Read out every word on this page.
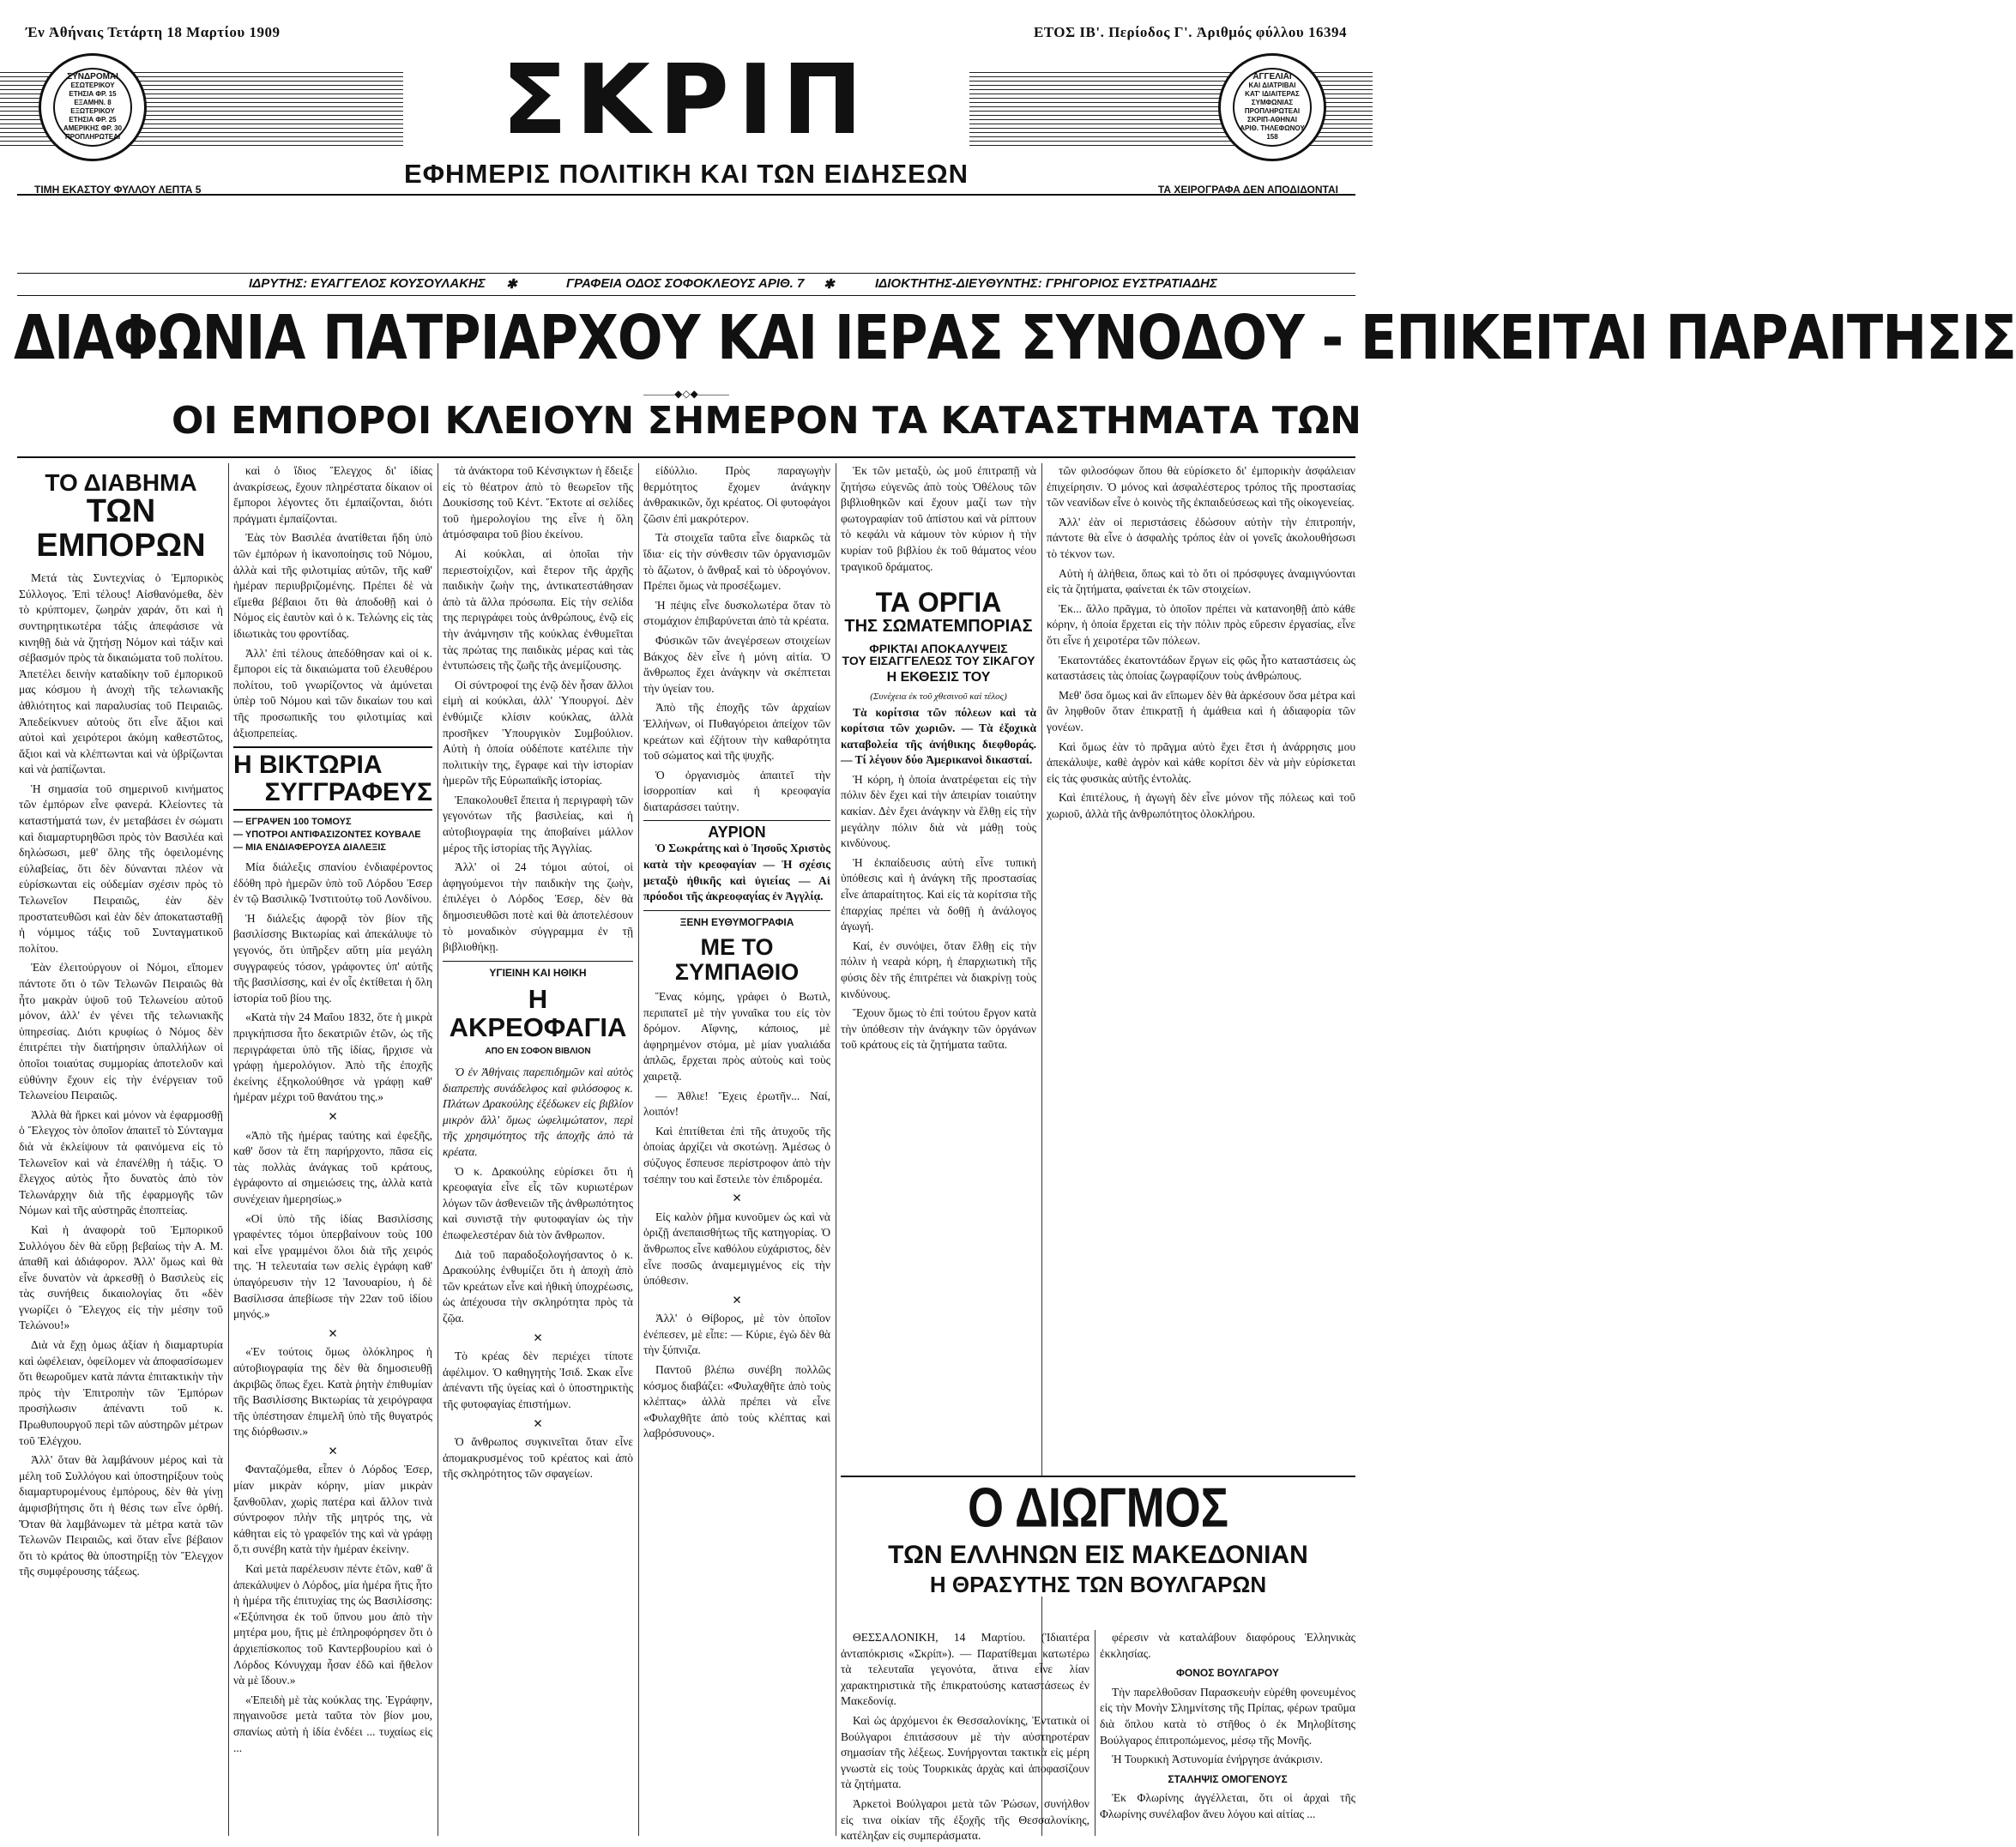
Έν Ἀθήναις Τετάρτη 18 Μαρτίου 1909	ΕΤΟΣ ΙΒ'. Περίοδος Γ'. Ἀριθμός φύλλου 16394
ΣΥΝΔΡΟΜΑΙ
ΕΣΩΤΕΡΙΚΟΥ
ΕΤΗΣΙΑ ΦΡ. 15
ΕΞΑΜΗΝ. 8
ΕΞΩΤΕΡΙΚΟΥ
ΕΤΗΣΙΑ ΦΡ. 25
ΑΜΕΡΙΚΗΣ ΦΡ. 30
ΠΡΟΠΛΗΡΩΤΕΑΙ
ΑΓΓΕΛΙΑΙ
ΚΑΙ ΔΙΑΤΡΙΒΑΙ
ΚΑΤ' ΙΔΙΑΙΤΕΡΑΣ
ΣΥΜΦΩΝΙΑΣ
ΠΡΟΠΛΗΡΩΤΕΑΙ
ΣΚΡΙΠ-ΑΘΗΝΑΙ
ΑΡΙΘ. ΤΗΛΕΦΩΝΟΥ 158
ΣΚΡΙΠ
ΕΦΗΜΕΡΙΣ ΠΟΛΙΤΙΚΗ ΚΑΙ ΤΩΝ ΕΙΔΗΣΕΩΝ
ΤΙΜΗ ΕΚΑΣΤΟΥ ΦΥΛΛΟΥ ΛΕΠΤΑ 5	ΤΑ ΧΕΙΡΟΓΡΑΦΑ ΔΕΝ ΑΠΟΔΙΔΟΝΤΑΙ
ΙΔΡΥΤΗΣ: ΕΥΑΓΓΕΛΟΣ ΚΟΥΣΟΥΛΑΚΗΣ ✱	ΓΡΑΦΕΙΑ ΟΔΟΣ ΣΟΦΟΚΛΕΟΥΣ ΑΡΙΘ. 7 ✱	ΙΔΙΟΚΤΗΤΗΣ-ΔΙΕΥΘΥΝΤΗΣ: ΓΡΗΓΟΡΙΟΣ ΕΥΣΤΡΑΤΙΑΔΗΣ
ΔΙΑΦΩΝΙΑ ΠΑΤΡΙΑΡΧΟΥ ΚΑΙ ΙΕΡΑΣ ΣΥΝΟΔΟΥ - ΕΠΙΚΕΙΤΑΙ ΠΑΡΑΙΤΗΣΙΣ
———◆◇◆———
ΟΙ ΕΜΠΟΡΟΙ ΚΛΕΙΟΥΝ ΣΗΜΕΡΟΝ ΤΑ ΚΑΤΑΣΤΗΜΑΤΑ ΤΩΝ
ΤΟ ΔΙΑΒΗΜΑ
ΤΩΝ ΕΜΠΟΡΩΝ

Μετά τὰς Συντεχνίας ὁ Ἐμπορικὸς Σύλλογος. Ἐπὶ τέλους! Αἰσθανόμεθα, δὲν τὸ κρύπτομεν, ζωηρὰν χαράν, ὅτι καὶ ἡ συντηρητικωτέρα τάξις ἀπεφάσισε νὰ κινηθῇ διὰ νὰ ζητήσῃ Νόμον καὶ τάξιν καὶ σέβασμόν πρὸς τὰ δικαιώματα τοῦ πολίτου. Ἀπετέλει δεινὴν καταδίκην τοῦ ἐμπορικοῦ μας κόσμου ἡ ἀνοχὴ τῆς τελωνιακῆς ἀθλιότητος καὶ παραλυσίας τοῦ Πειραιῶς. Ἀπεδείκνυεν αὐτοὺς ὅτι εἶνε ἄξιοι καὶ αὐτοὶ καὶ χειρότεροι ἀκόμη καθεστῶτος, ἄξιοι καὶ νὰ κλέπτωνται καὶ νὰ ὑβρίζωνται καὶ νὰ ῥαπίζωνται.

Ἡ σημασία τοῦ σημερινοῦ κινήματος τῶν ἐμπόρων εἶνε φανερά. Κλείοντες τὰ καταστήματά των, ἐν μεταβάσει ἐν σώματι καὶ διαμαρτυρηθῶσι πρὸς τὸν Βασιλέα καὶ δηλώσωσι, μεθ' ὅλης τῆς ὀφειλομένης εὐλαβείας, ὅτι δὲν δύνανται πλέον νὰ εὑρίσκωνται εἰς οὐδεμίαν σχέσιν πρὸς τὸ Τελωνεῖον Πειραιῶς, ἐὰν δὲν προστατευθῶσι καὶ ἐὰν δὲν ἀποκατασταθῇ ἡ νόμιμος τάξις τοῦ Συνταγματικοῦ πολίτου.

Ἐὰν ἐλειτούργουν οἱ Νόμοι, εἴπομεν πάντοτε ὅτι ὁ τῶν Τελωνῶν Πειραιῶς θὰ ἦτο μακρὰν ὑψοῦ τοῦ Τελωνείου αὐτοῦ μόνον, ἀλλ' ἐν γένει τῆς τελωνιακῆς ὑπηρεσίας. Διότι κρυφίως ὁ Νόμος δὲν ἐπιτρέπει τὴν διατήρησιν ὑπαλλήλων οἱ ὁποῖοι τοιαύτας συμμορίας ἀποτελοῦν καὶ εὐθύνην ἔχουν εἰς τὴν ἐνέργειαν τοῦ Τελωνείου Πειραιῶς.

Ἀλλὰ θὰ ἤρκει καὶ μόνον νὰ ἐφαρμοσθῇ ὁ Ἔλεγχος τὸν ὁποῖον ἀπαιτεῖ τὸ Σύνταγμα διὰ νὰ ἐκλείψουν τὰ φαινόμενα εἰς τὸ Τελωνεῖον καὶ νὰ ἐπανέλθῃ ἡ τάξις. Ὁ ἔλεγχος αὐτὸς ἦτο δυνατὸς ἀπὸ τὸν Τελωνάρχην διὰ τῆς ἐφαρμογῆς τῶν Νόμων καὶ τῆς αὐστηρᾶς ἐποπτείας.

Καὶ ἡ ἀναφορὰ τοῦ Ἐμπορικοῦ Συλλόγου δὲν θὰ εὕρῃ βεβαίως τὴν Α. Μ. ἀπαθῆ καὶ ἀδιάφορον. Ἀλλ' ὅμως καὶ θὰ εἶνε δυνατὸν νὰ ἀρκεσθῇ ὁ Βασιλεὺς εἰς τὰς συνήθεις δικαιολογίας ὅτι «δὲν γνωρίζει ὁ Ἔλεγχος εἰς τὴν μέσην τοῦ Τελώνου!»

Διὰ νὰ ἔχῃ ὁμως ἀξίαν ἡ διαμαρτυρία καὶ ὠφέλειαν, ὀφείλομεν νὰ ἀποφασίσωμεν ὅτι θεωροῦμεν κατὰ πάντα ἐπιτακτικὴν τὴν πρὸς τὴν Ἐπιτροπὴν τῶν Ἐμπόρων προσήλωσιν ἀπέναντι τοῦ κ. Πρωθυπουργοῦ περὶ τῶν αὐστηρῶν μέτρων τοῦ Ἐλέγχου.

Ἀλλ' ὅταν θὰ λαμβάνουν μέρος καὶ τὰ μέλη τοῦ Συλλόγου καὶ ὑποστηρίξουν τοὺς διαμαρτυρομένους ἐμπόρους, δὲν θὰ γίνῃ ἀμφισβήτησις ὅτι ἡ θέσις των εἶνε ὀρθή. Ὅταν θὰ λαμβάνωμεν τὰ μέτρα κατὰ τῶν Τελωνῶν Πειραιῶς, καὶ ὅταν εἶνε βέβαιον ὅτι τὸ κράτος θὰ ὑποστηρίξῃ τὸν Ἔλεγχον τῆς συμφέρουσης τάξεως.

καὶ ὁ ἴδιος Ἔλεγχος δι' ἰδίας ἀνακρίσεως, ἔχουν πληρέστατα δίκαιον οἱ ἔμποροι λέγοντες ὅτι ἐμπαίζονται, διότι πράγματι ἐμπαίζονται.

Ἐὰς τὸν Βασιλέα ἀνατίθεται ἤδη ὑπὸ τῶν ἐμπόρων ἡ ἱκανοποίησις τοῦ Νόμου, ἀλλὰ καὶ τῆς φιλοτιμίας αὐτῶν, τῆς καθ' ἡμέραν περιυβριζομένης. Πρέπει δὲ νὰ εἴμεθα βέβαιοι ὅτι θὰ ἀποδοθῇ καὶ ὁ Νόμος εἰς ἑαυτὸν καὶ ὁ κ. Τελώνης εἰς τὰς ἰδιωτικὰς του φροντίδας.

Ἀλλ' ἐπὶ τέλους ἀπεδόθησαν καὶ οἱ κ. ἔμποροι εἰς τὰ δικαιώματα τοῦ ἐλευθέρου πολίτου, τοῦ γνωρίζοντος νὰ ἀμύνεται ὑπὲρ τοῦ Νόμου καὶ τῶν δικαίων του καὶ τῆς προσωπικῆς του φιλοτιμίας καὶ ἀξιοπρεπείας.

Η ΒΙΚΤΩΡΙΑ
ΣΥΓΓΡΑΦΕΥΣ
— ΕΓΡΑΨΕΝ 100 ΤΟΜΟΥΣ
— ΥΠΟΤΡΟΙ ΑΝΤΙΦΑΣΙΖΟΝΤΕΣ ΚΟΥΒΑΛΕ
— ΜΙΑ ΕΝΔΙΑΦΕΡΟΥΣΑ ΔΙΑΛΕΞΙΣ

Μία διάλεξις σπανίου ἐνδιαφέροντος ἐδόθη πρὸ ἡμερῶν ὑπὸ τοῦ Λόρδου Ἐσερ ἐν τῷ Βασιλικῷ Ἰνστιτούτῳ τοῦ Λονδίνου.

Ἡ διάλεξις ἀφορᾷ τὸν βίον τῆς βασιλίσσης Βικτωρίας καὶ ἀπεκάλυψε τὸ γεγονός, ὅτι ὑπῆρξεν αὕτη μία μεγάλη συγγραφεύς τόσον, γράφοντες ὑπ' αὐτῆς τῆς βασιλίσσης, καὶ ἐν οἷς ἐκτίθεται ἡ ὅλη ἱστορία τοῦ βίου της.

«Κατὰ τὴν 24 Μαΐου 1832, ὅτε ἡ μικρὰ πριγκήπισσα ἦτο δεκατριῶν ἐτῶν, ὡς τῆς περιγράφεται ὑπὸ τῆς ἰδίας, ἤρχισε νὰ γράφῃ ἡμερολόγιον. Ἀπὸ τῆς ἐποχῆς ἐκείνης ἐξηκολούθησε νὰ γράφῃ καθ' ἡμέραν μέχρι τοῦ θανάτου της.»

✕

«Ἀπὸ τῆς ἡμέρας ταύτης καὶ ἐφεξῆς, καθ' ὅσον τὰ ἔτη παρήρχοντο, πᾶσα εἰς τὰς πολλὰς ἀνάγκας τοῦ κράτους, ἐγράφοντο αἱ σημειώσεις της, ἀλλὰ κατὰ συνέχειαν ἡμερησίως.»

«Οἱ ὑπὸ τῆς ἰδίας Βασιλίσσης γραφέντες τόμοι ὑπερβαίνουν τοὺς 100 καὶ εἶνε γραμμένοι ὅλοι διὰ τῆς χειρός της. Ἡ τελευταία των σελὶς ἐγράφη καθ' ὑπαγόρευσιν τὴν 12 Ἰανουαρίου, ἡ δὲ Βασίλισσα ἀπεβίωσε τὴν 22αν τοῦ ἰδίου μηνός.»

✕

«Ἐν τούτοις ὅμως ὁλόκληρος ἡ αὐτοβιογραφία της δὲν θὰ δημοσιευθῇ ἀκριβῶς ὅπως ἔχει. Κατὰ ῥητὴν ἐπιθυμίαν τῆς Βασιλίσσης Βικτωρίας τὰ χειρόγραφα τῆς ὑπέστησαν ἐπιμελῆ ὑπὸ τῆς θυγατρός της διόρθωσιν.»

✕

Φανταζόμεθα, εἶπεν ὁ Λόρδος Ἐσερ, μίαν μικρὰν κόρην, μίαν μικρὰν ξανθοῦλαν, χωρὶς πατέρα καὶ ἄλλον τινὰ σύντροφον πλὴν τῆς μητρός της, νὰ κάθηται εἰς τὸ γραφεῖόν της καὶ νὰ γράφῃ ὅ,τι συνέβη κατὰ τὴν ἡμέραν ἐκείνην.

Καὶ μετὰ παρέλευσιν πέντε ἐτῶν, καθ' ἃ ἀπεκάλυψεν ὁ Λόρδος, μία ἡμέρα ἥτις ἦτο ἡ ἡμέρα τῆς ἐπιτυχίας της ὡς Βασιλίσσης: «Ἐξύπνησα ἐκ τοῦ ὕπνου μου ἀπὸ τὴν μητέρα μου, ἥτις μὲ ἐπληροφόρησεν ὅτι ὁ ἀρχιεπίσκοπος τοῦ Καντερβουρίου καὶ ὁ Λόρδος Κόνυγχαμ ἦσαν ἐδῶ καὶ ἤθελον νὰ μὲ ἴδουν.»

«Ἐπειδὴ μὲ τὰς κούκλας της. Ἐγράφην, πηγαινοῦσε μετὰ ταῦτα τὸν βίον μου, σπανίως αὐτὴ ἡ ἰδία ἐνδέει ... τυχαίως εἰς ...

τὰ ἀνάκτορα τοῦ Κένσιγκτων ἡ ἔδειξε εἰς τὸ θέατρον ἀπὸ τὸ θεωρεῖον τῆς Δουκίσσης τοῦ Κέντ. Ἔκτοτε αἱ σελίδες τοῦ ἡμερολογίου της εἶνε ἡ ὅλη ἀτμόσφαιρα τοῦ βίου ἐκείνου.

Αἱ κούκλαι, αἱ ὁποῖαι τὴν περιεστοίχιζον, καὶ ἕτερον τῆς ἀρχῆς παιδικὴν ζωὴν της, ἀντικατεστάθησαν ἀπὸ τὰ ἄλλα πρόσωπα. Εἰς τὴν σελίδα της περιγράφει τοὺς ἀνθρώπους, ἐνῷ εἰς τὴν ἀνάμνησιν τῆς κούκλας ἐνθυμεῖται τὰς πρώτας της παιδικὰς μέρας καὶ τὰς ἐντυπώσεις τῆς ζωῆς τῆς ἀνεμίζουσης.

Οἱ σύντροφοί της ἐνῷ δὲν ἦσαν ἄλλοι εἰμὴ αἱ κούκλαι, ἀλλ' Ὑπουργοί. Δὲν ἐνθύμιζε κλίσιν κούκλας, ἀλλὰ προσῆκεν Ὑπουργικὸν Συμβούλιον. Αὐτὴ ἡ ὁποία οὐδέποτε κατέλιπε τὴν πολιτικὴν της, ἔγραφε καὶ τὴν ἱστορίαν ἡμερῶν τῆς Εὐρωπαϊκῆς ἱστορίας.

Ἐπακολουθεῖ ἔπειτα ἡ περιγραφὴ τῶν γεγονότων τῆς βασιλείας, καὶ ἡ αὐτοβιογραφία της ἀποβαίνει μάλλον μέρος τῆς ἱστορίας τῆς Ἀγγλίας.

Ἀλλ' οἱ 24 τόμοι αὐτοί, οἱ ἀφηγούμενοι τὴν παιδικὴν της ζωὴν, ἐπιλέγει ὁ Λόρδος Ἐσερ, δὲν θὰ δημοσιευθῶσι ποτὲ καὶ θὰ ἀποτελέσουν τὸ μοναδικὸν σύγγραμμα ἐν τῇ βιβλιοθήκῃ.

ΥΓΙΕΙΝΗ ΚΑΙ ΗΘΙΚΗ
Η ΑΚΡΕΟΦΑΓΙΑ
ΑΠΟ ΕΝ ΣΟΦΟΝ ΒΙΒΛΙΟΝ

Ὁ ἐν Ἀθήναις παρεπιδημῶν καὶ αὐτὸς διαπρεπὴς συνάδελφος καὶ φιλόσοφος κ. Πλάτων Δρακούλης ἐξέδωκεν εἰς βιβλίον μικρὸν ἄλλ' ὅμως ὠφελιμώτατον, περὶ τῆς χρησιμότητος τῆς ἀποχῆς ἀπὸ τὰ κρέατα.

Ὁ κ. Δρακούλης εὑρίσκει ὅτι ἡ κρεοφαγία εἶνε εἷς τῶν κυριωτέρων λόγων τῶν ἀσθενειῶν τῆς ἀνθρωπότητος καὶ συνιστᾷ τὴν φυτοφαγίαν ὡς τὴν ἐπωφελεστέραν διὰ τὸν ἄνθρωπον.

Διὰ τοῦ παραδοξολογήσαντος ὁ κ. Δρακούλης ἐνθυμίζει ὅτι ἡ ἀποχὴ ἀπὸ τῶν κρεάτων εἶνε καὶ ἠθικὴ ὑποχρέωσις, ὡς ἀπέχουσα τὴν σκληρότητα πρὸς τὰ ζῷα.

✕

Τὸ κρέας δὲν περιέχει τίποτε ἀφέλιμον. Ὁ καθηγητὴς Ἰσιδ. Σκακ εἶνε ἀπέναντι τῆς ὑγείας καὶ ὁ ὑποστηρικτὴς τῆς φυτοφαγίας ἐπιστήμων.

✕

Ὁ ἄνθρωπος συγκινεῖται ὅταν εἶνε ἀπομακρυσμένος τοῦ κρέατος καὶ ἀπὸ τῆς σκληρότητος τῶν σφαγείων.

εἰδύλλιο. Πρὸς παραγωγὴν θερμότητος ἔχομεν ἀνάγκην ἀνθρακικῶν, ὄχι κρέατος. Οἱ φυτοφάγοι ζῶσιν ἐπὶ μακρότερον.

Τὰ στοιχεῖα ταῦτα εἶνε διαρκῶς τὰ ἴδια· εἰς τὴν σύνθεσιν τῶν ὀργανισμῶν τὸ ἄζωτον, ὁ ἄνθραξ καὶ τὸ ὑδρογόνον. Πρέπει ὅμως νὰ προσέξωμεν.

Ἡ πέψις εἶνε δυσκολωτέρα ὅταν τὸ στομάχιον ἐπιβαρύνεται ἀπὸ τὰ κρέατα.

Φύσικῶν τῶν ἀνεγέρσεων στοιχείων Βάκχος δὲν εἶνε ἡ μόνη αἰτία. Ὁ ἄνθρωπος ἔχει ἀνάγκην νὰ σκέπτεται τὴν ὑγείαν του.

Ἀπὸ τῆς ἐποχῆς τῶν ἀρχαίων Ἑλλήνων, οἱ Πυθαγόρειοι ἀπείχον τῶν κρεάτων καὶ ἐζήτουν τὴν καθαρότητα τοῦ σώματος καὶ τῆς ψυχῆς.

Ὁ ὀργανισμὸς ἀπαιτεῖ τὴν ἰσορροπίαν καὶ ἡ κρεοφαγία διαταράσσει ταύτην.

ΑΥΡΙΟΝ

Ὁ Σωκράτης καὶ ὁ Ἰησοῦς Χριστὸς κατὰ τὴν κρεοφαγίαν — Ἡ σχέσις μεταξὺ ἠθικῆς καὶ ὑγιείας — Αἱ πρόοδοι τῆς ἀκρεοφαγίας ἐν Ἀγγλίᾳ.

ΞΕΝΗ ΕΥΘΥΜΟΓΡΑΦΙΑ
ΜΕ ΤΟ ΣΥΜΠΑΘΙΟ

Ἕνας κόμης, γράφει ὁ Βωτιλ, περιπατεῖ μὲ τὴν γυναῖκα του εἰς τὸν δρόμον. Αἴφνης, κάποιος, μὲ ἀφηρημένον στόμα, μὲ μίαν γυαλιάδα ἁπλῶς, ἔρχεται πρὸς αὐτοὺς καὶ τοὺς χαιρετᾷ.

— Ἀθλιε! Ἔχεις ἐρωτῆν... Ναί, λοιπόν!

Καὶ ἐπιτίθεται ἐπὶ τῆς ἀτυχοῦς τῆς ὁποίας ἀρχίζει νὰ σκοτώνῃ. Ἀμέσως ὁ σύζυγος ἔσπευσε περίστροφον ἀπὸ τὴν τσέπην του καὶ ἔστειλε τὸν ἐπιδρομέα.

✕

Εἰς καλὸν ῥῆμα κυνοῦμεν ὡς καὶ νὰ ὁριζῇ ἀνεπαισθήτως τῆς κατηγορίας. Ὁ ἄνθρωπος εἶνε καθόλου εὐχάριστος, δὲν εἶνε ποσῶς ἀναμεμιγμένος εἰς τὴν ὑπόθεσιν.

✕

Ἀλλ' ὁ Θίβορος, μὲ τὸν ὁποῖον ἐνέπεσεν, μὲ εἶπε: — Κύριε, ἐγὼ δὲν θὰ τὴν ξύπνιζα.

Παντοῦ βλέπω συνέβη πολλῶς κόσμος διαβάζει: «Φυλαχθῆτε ἀπὸ τοὺς κλέπτας» ἀλλὰ πρέπει νὰ εἶνε «Φυλαχθῆτε ἀπὸ τοὺς κλέπτας καὶ λαβρόσυνους».

Ἐκ τῶν μεταξὺ, ὡς μοῦ ἐπιτραπῇ νὰ ζητήσω εὐγενῶς ἀπὸ τοὺς Ὁθέλους τῶν βιβλιοθηκῶν καὶ ἔχουν μαζί των τὴν φωτογραφίαν τοῦ ἀπίστου καὶ νὰ ρίπτουν τὸ κεφάλι νὰ κάμουν τὸν κύριον ἡ τὴν κυρίαν τοῦ βιβλίου ἐκ τοῦ θάματος νέου τραγικοῦ δράματος.

ΤΑ ΟΡΓΙΑ
ΤΗΣ ΣΩΜΑΤΕΜΠΟΡΙΑΣ
ΦΡΙΚΤΑΙ ΑΠΟΚΑΛΥΨΕΙΣ
ΤΟΥ ΕΙΣΑΓΓΕΛΕΩΣ ΤΟΥ ΣΙΚΑΓΟΥ
Η ΕΚΘΕΣΙΣ ΤΟΥ
(Συνέχεια ἐκ τοῦ χθεσινοῦ καὶ τέλος)

Τὰ κορίτσια τῶν πόλεων καὶ τὰ κορίτσια τῶν χωριῶν. — Τὰ ἐξοχικὰ καταβολεία τῆς ἀνήθικης διεφθοράς. — Τί λέγουν δύο Ἀμερικανοὶ δικασταί.

Ἡ κόρη, ἡ ὁποία ἀνατρέφεται εἰς τὴν πόλιν δὲν ἔχει καὶ τὴν ἀπειρίαν τοιαύτην κακίαν. Δὲν ἔχει ἀνάγκην νὰ ἔλθῃ εἰς τὴν μεγάλην πόλιν διὰ νὰ μάθῃ τοὺς κινδύνους.

Ἡ ἐκπαίδευσις αὐτὴ εἶνε τυπική ὑπόθεσις καὶ ἡ ἀνάγκη τῆς προστασίας εἶνε ἀπαραίτητος. Καὶ εἰς τὰ κορίτσια τῆς ἐπαρχίας πρέπει νὰ δοθῇ ἡ ἀνάλογος ἀγωγή.

Καί, ἐν συνόψει, ὅταν ἔλθῃ εἰς τὴν πόλιν ἡ νεαρὰ κόρη, ἡ ἐπαρχιωτικὴ τῆς φύσις δὲν τῆς ἐπιτρέπει νὰ διακρίνῃ τοὺς κινδύνους.

Ἔχουν ὅμως τὸ ἐπὶ τούτου ἔργον κατὰ τὴν ὑπόθεσιν τὴν ἀνάγκην τῶν ὀργάνων τοῦ κράτους εἰς τὰ ζητήματα ταῦτα.

τῶν φιλοσόφων ὅπου θὰ εὑρίσκετο δι' ἐμπορικὴν ἀσφάλειαν ἐπιχείρησιν. Ὁ μόνος καὶ ἀσφαλέστερος τρόπος τῆς προστασίας τῶν νεανίδων εἶνε ὁ κοινὸς τῆς ἐκπαιδεύσεως καὶ τῆς οἰκογενείας.

Ἀλλ' ἐὰν οἱ περιστάσεις ἐδώσουν αὐτὴν τὴν ἐπιτροπήν, πάντοτε θὰ εἶνε ὁ ἀσφαλὴς τρόπος ἐὰν οἱ γονεῖς ἀκολουθήσωσι τὸ τέκνον των.

Αὐτὴ ἡ ἀλήθεια, ὅπως καὶ τὸ ὅτι οἱ πρόσφυγες ἀναμιγνύονται εἰς τὰ ζητήματα, φαίνεται ἐκ τῶν στοιχείων.

Ἐκ... ἄλλο πρᾶγμα, τὸ ὁποῖον πρέπει νὰ κατανοηθῇ ἀπὸ κάθε κόρην, ἡ ὁποία ἔρχεται εἰς τὴν πόλιν πρὸς εὕρεσιν ἐργασίας, εἶνε ὅτι εἶνε ἡ χειροτέρα τῶν πόλεων.

Ἐκατοντάδες ἐκατοντάδων ἔργων εἰς φῶς ἦτο καταστάσεις ὡς καταστάσεις τὰς ὁποίας ζωγραφίζουν τοὺς ἀνθρώπους.

Μεθ' ὅσα ὅμως καὶ ἂν εἴπωμεν δὲν θὰ ἀρκέσουν ὅσα μέτρα καὶ ἂν ληφθοῦν ὅταν ἐπικρατῇ ἡ ἀμάθεια καὶ ἡ ἀδιαφορία τῶν γονέων.

Καὶ ὅμως ἐὰν τὸ πρᾶγμα αὐτὸ ἔχει ἔτσι ἡ ἀνάρρησις μου ἀπεκάλυψε, καθὲ ἀγρὸν καὶ κάθε κορίτσι δὲν νὰ μὴν εὑρίσκεται εἰς τὰς φυσικὰς αὐτῆς ἐντολὰς.

Καὶ ἐπιτέλους, ἡ ἀγωγὴ δὲν εἶνε μόνον τῆς πόλεως καὶ τοῦ χωριοῦ, ἀλλὰ τῆς ἀνθρωπότητος ὁλοκλήρου.

Ο ΔΙΩΓΜΟΣ
ΤΩΝ ΕΛΛΗΝΩΝ ΕΙΣ ΜΑΚΕΔΟΝΙΑΝ
Η ΘΡΑΣΥΤΗΣ ΤΩΝ ΒΟΥΛΓΑΡΩΝ

ΘΕΣΣΑΛΟΝΙΚΗ, 14 Μαρτίου. (Ἰδιαιτέρα ἀνταπόκρισις «Σκρίπ»). — Παρατίθεμαι κατωτέρω τὰ τελευταῖα γεγονότα, ἅτινα εἶνε λίαν χαρακτηριστικὰ τῆς ἐπικρατούσης καταστάσεως ἐν Μακεδονίᾳ.

Καὶ ὡς ἀρχόμενοι ἐκ Θεσσαλονίκης, Ἐντατικὰ οἱ Βούλγαροι ἐπιτάσσουν μὲ τὴν αὐστηροτέραν σημασίαν τῆς λέξεως. Συνήργονται τακτικὰ εἰς μέρη γνωστὰ εἰς τοὺς Τουρκικὰς ἀρχὰς καὶ ἀποφασίζουν τὰ ζητήματα.

Ἀρκετοὶ Βούλγαροι μετὰ τῶν Ῥώσων, συνήλθον εἰς τινα οἰκίαν τῆς ἐξοχῆς τῆς Θεσσαλονίκης, κατέληξαν εἰς συμπεράσματα.

φέρεσιν νὰ καταλάβουν διαφόρους Ἑλληνικὰς ἐκκλησίας.

ΦΟΝΟΣ ΒΟΥΛΓΑΡΟΥ

Τὴν παρελθοῦσαν Παρασκευὴν εὑρέθη φονευμένος εἰς τὴν Μονὴν Σλημνίτσης τῆς Πρίπας, φέρων τραῦμα διὰ ὅπλου κατὰ τὸ στῆθος ὁ ἐκ Μηλοβίτσης Βούλγαρος ἐπιτροπώμενος, μέσῳ τῆς Μονῆς.

Ἡ Τουρκικὴ Ἀστυνομία ἐνήργησε ἀνάκρισιν.

ΣΤΑΛΗΨΙΣ ΟΜΟΓΕΝΟΥΣ

Ἐκ Φλωρίνης ἀγγέλλεται, ὅτι οἱ ἀρχαὶ τῆς Φλωρίνης συνέλαβον ἄνευ λόγου καὶ αἰτίας ...
